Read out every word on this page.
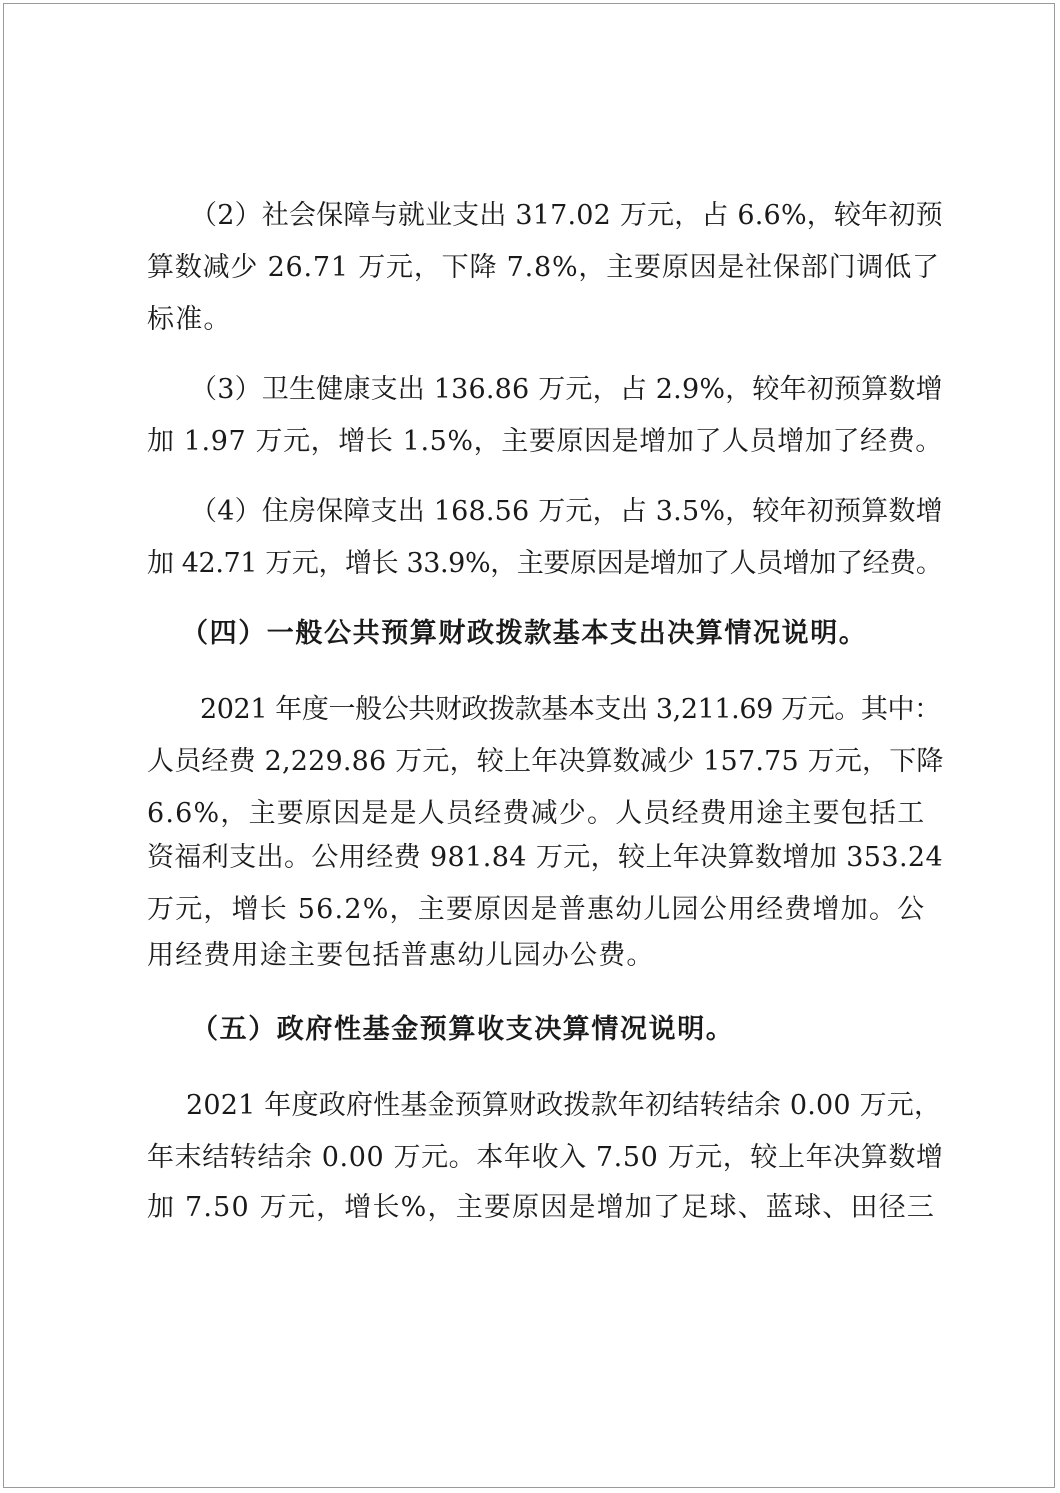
（2）社会保障与就业支出 317.02 万元，占 6.6%，较年初预

算数减少 26.71 万元，下降 7.8%，主要原因是社保部门调低了

标准。

（3）卫生健康支出 136.86 万元，占 2.9%，较年初预算数增

加 1.97 万元，增长 1.5%，主要原因是增加了人员增加了经费。

（4）住房保障支出 168.56 万元，占 3.5%，较年初预算数增

加 42.71 万元，增长 33.9%，主要原因是增加了人员增加了经费。

（四）一般公共预算财政拨款基本支出决算情况说明。

2021 年度一般公共财政拨款基本支出 3,211.69 万元。其中：

人员经费 2,229.86 万元，较上年决算数减少 157.75 万元，下降

6.6%，主要原因是是人员经费减少。人员经费用途主要包括工

资福利支出。公用经费 981.84 万元，较上年决算数增加 353.24

万元，增长 56.2%，主要原因是普惠幼儿园公用经费增加。公

用经费用途主要包括普惠幼儿园办公费。

（五）政府性基金预算收支决算情况说明。

2021 年度政府性基金预算财政拨款年初结转结余 0.00 万元，

年末结转结余 0.00 万元。本年收入 7.50 万元，较上年决算数增

加 7.50 万元，增长%，主要原因是增加了足球、蓝球、田径三
